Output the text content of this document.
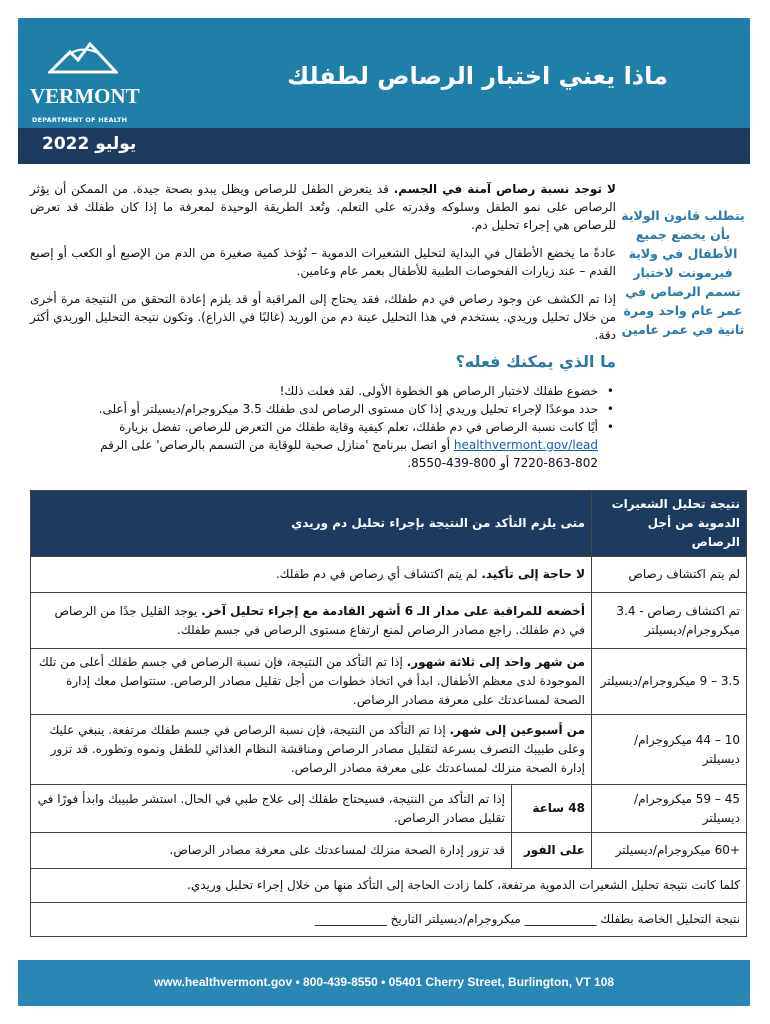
VERMONT
DEPARTMENT OF HEALTH
ماذا يعني اختبار الرصاص لطفلك
يوليو 2022
يتطلب قانون الولاية بأن يخضع جميع الأطفال في ولاية فيرمونت لاختبار تسمم الرصاص في عمر عام واحد ومرة ثانية في عمر عامين

لا توجد نسبة رصاص آمنة في الجسم. قد يتعرض الطفل للرصاص ويظل يبدو بصحة جيدة. من الممكن أن يؤثر الرصاص على نمو الطفل وسلوكه وقدرته على التعلم. وتُعد الطريقة الوحيدة لمعرفة ما إذا كان طفلك قد تعرض للرصاص هي إجراء تحليل دم.

عادةً ما يخضع الأطفال في البداية لتحليل الشعيرات الدموية – تُؤخذ كمية صغيرة من الدم من الإصبع أو الكعب أو إصبع القدم – عند زيارات الفحوصات الطبية للأطفال بعمر عام وعامين.

إذا تم الكشف عن وجود رصاص في دم طفلك، فقد يحتاج إلى المراقبة أو قد يلزم إعادة التحقق من النتيجة مرة أخرى من خلال تحليل وريدي. يستخدم في هذا التحليل عينة دم من الوريد (غالبًا في الذراع). وتكون نتيجة التحليل الوريدي أكثر دقة.

ما الذي يمكنك فعله؟
•
خضوع طفلك لاختبار الرصاص هو الخطوة الأولى. لقد فعلت ذلك!
•
حدد موعدًا لإجراء تحليل وريدي إذا كان مستوى الرصاص لدى طفلك 3.5 ميكروجرام/ديسيلتر أو أعلى.
•
أيًا كانت نسبة الرصاص في دم طفلك، تعلم كيفية وقاية طفلك من التعرض للرصاص. تفضل بزيارة healthvermont.gov/lead أو اتصل ببرنامج 'منازل صحية للوقاية من التسمم بالرصاص' على الرقم 802-863-7220 أو 800-439-8550.
نتيجة تحليل الشعيرات الدموية من أجل الرصاص	متى يلزم التأكد من النتيجة بإجراء تحليل دم وريدي	
لم يتم اكتشاف رصاص	لا حاجة إلى تأكيد. لم يتم اكتشاف أي رصاص في دم طفلك.	
تم اكتشاف رصاص - 3.4 ميكروجرام/ديسيلتر	أخضعه للمراقبة على مدار الـ 6 أشهر القادمة مع إجراء تحليل آخر. يوجد القليل جدًا من الرصاص في دم طفلك. راجع مصادر الرصاص لمنع ارتفاع مستوى الرصاص في جسم طفلك.	
3.5 – 9 ميكروجرام/ديسيلتر	من شهر واحد إلى ثلاثة شهور. إذا تم التأكد من النتيجة، فإن نسبة الرصاص في جسم طفلك أعلى من تلك الموجودة لدى معظم الأطفال. ابدأ في اتخاذ خطوات من أجل تقليل مصادر الرصاص. ستتواصل معك إدارة الصحة لمساعدتك على معرفة مصادر الرصاص.	
10 – 44 ميكروجرام/ديسيلتر	من أسبوعين إلى شهر. إذا تم التأكد من النتيجة، فإن نسبة الرصاص في جسم طفلك مرتفعة. ينبغي عليك وعلى طبيبك التصرف بسرعة لتقليل مصادر الرصاص ومناقشة النظام الغذائي للطفل ونموه وتطوره. قد تزور إدارة الصحة منزلك لمساعدتك على معرفة مصادر الرصاص.	
45 – 59 ميكروجرام/ديسيلتر	48 ساعة	إذا تم التأكد من النتيجة، فسيحتاج طفلك إلى علاج طبي في الحال. استشر طبيبك وابدأ فورًا في تقليل مصادر الرصاص.
+60 ميكروجرام/ديسيلتر	على الفور	قد تزور إدارة الصحة منزلك لمساعدتك على معرفة مصادر الرصاص.
كلما كانت نتيجة تحليل الشعيرات الدموية مرتفعة، كلما زادت الحاجة إلى التأكد منها من خلال إجراء تحليل وريدي.		
نتيجة التحليل الخاصة بطفلك ____________ ميكروجرام/ديسيلتر التاريخ ____________		
www.healthvermont.gov • 800-439-8550 • 05401 Cherry Street, Burlington, VT 108
